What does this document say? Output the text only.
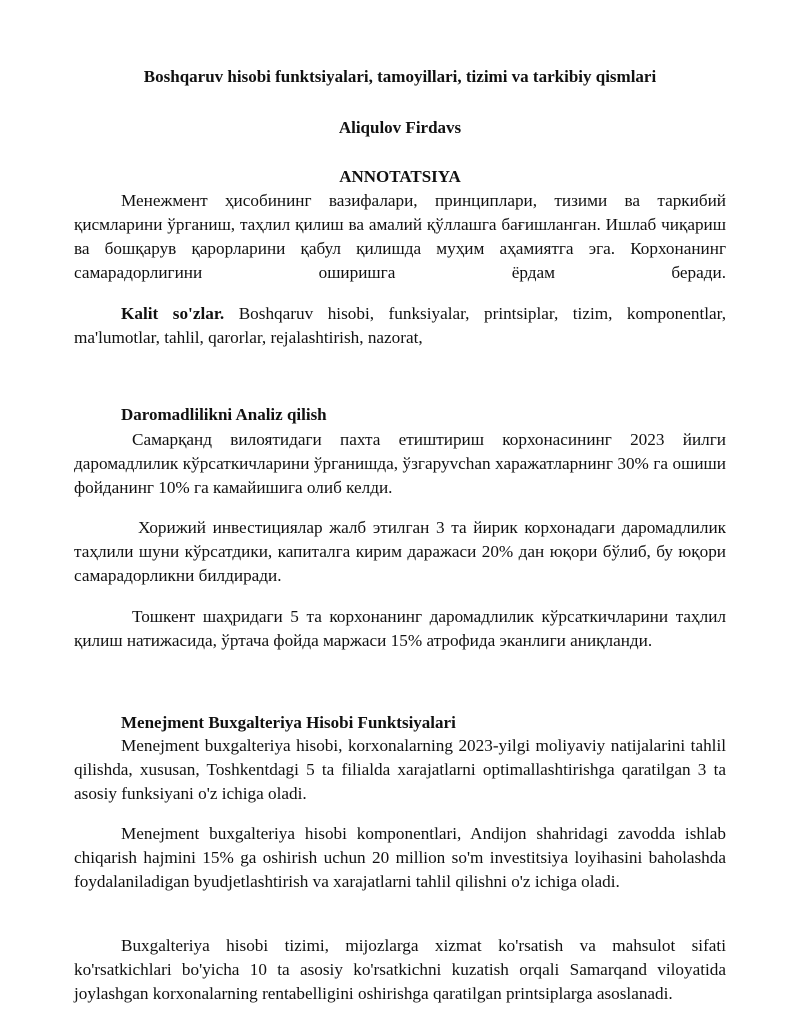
Boshqaruv hisobi funktsiyalari, tamoyillari, tizimi va tarkibiy qismlari
Aliqulov Firdavs
ANNOTATSIYA

Менежмент ҳисобининг вазифалари, принциплари, тизими ва таркибий қисмларини ўрганиш, таҳлил қилиш ва амалий қўллашга бағишланган. Ишлаб чиқариш ва бошқарув қарорларини қабул қилишда муҳим аҳамиятга эга. Корхонанинг самарадорлигини оширишга ёрдам беради.

Kalit so'zlar. Boshqaruv hisobi, funksiyalar, printsiplar, tizim, komponentlar, ma'lumotlar, tahlil, qarorlar, rejalashtirish, nazorat,

Daromadlilikni Analiz qilish

Самарқанд вилоятидаги пахта етиштириш корхонасининг 2023 йилги даромадлилик кўрсаткичларини ўрганишда, ўзгаруvchan харажатларнинг 30% га ошиши фойданинг 10% га камайишига олиб келди.

Хорижий инвестициялар жалб этилган 3 та йирик корхонадаги даромадлилик таҳлили шуни кўрсатдики, капиталга кирим даражаси 20% дан юқори бўлиб, бу юқори самарадорликни билдиради.

Тошкент шаҳридаги 5 та корхонанинг даромадлилик кўрсаткичларини таҳлил қилиш натижасида, ўртача фойда маржаси 15% атрофида эканлиги аниқланди.

Menejment Buxgalteriya Hisobi Funktsiyalari

Menejment buxgalteriya hisobi, korxonalarning 2023-yilgi moliyaviy natijalarini tahlil qilishda, xususan, Toshkentdagi 5 ta filialda xarajatlarni optimallashtirishga qaratilgan 3 ta asosiy funksiyani o'z ichiga oladi.

Menejment buxgalteriya hisobi komponentlari, Andijon shahridagi zavodda ishlab chiqarish hajmini 15% ga oshirish uchun 20 million so'm investitsiya loyihasini baholashda foydalaniladigan byudjetlashtirish va xarajatlarni tahlil qilishni o'z ichiga oladi.

Buxgalteriya hisobi tizimi, mijozlarga xizmat ko'rsatish va mahsulot sifati ko'rsatkichlari bo'yicha 10 ta asosiy ko'rsatkichni kuzatish orqali Samarqand viloyatida joylashgan korxonalarning rentabelligini oshirishga qaratilgan printsiplarga asoslanadi.
